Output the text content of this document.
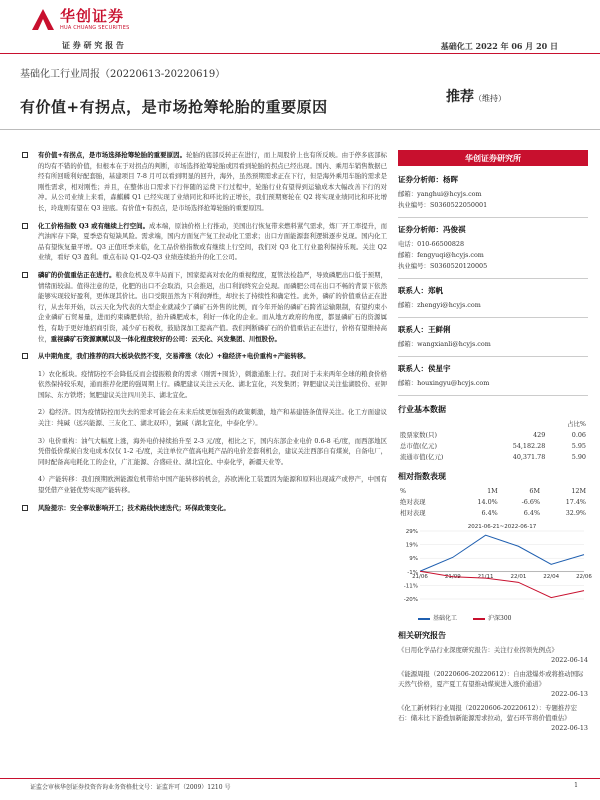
华创证券
HUA CHUANG SECURITIES
证 券 研 究 报 告	基础化工 2022 年 06 月 20 日
基础化工行业周报（20220613-20220619）
有价值+有拐点，是市场抢筹轮胎的重要原因
推荐（维持）
有价值+有拐点，是市场选择抢筹轮胎的重要原因。轮胎的底部反转正在进行，而上周股价上也有所反映。由于停多底部标的均有不错的价值，但根本在于对拐点的判断，市场选择抢筹轮胎或因看到轮胎的拐点已经出现。国内、乘用车销售数据已经有所回暖利好配套胎，基建项目 7-8 月可以看到明显的回升，海外，虽然预期需求正在下行，但是海外乘用车胎的需求是刚性需求，相对刚性；并且，在整体出口需求下行伴随的运费下行过程中，轮胎行业有望得到运输成本大幅改善下行的对冲。从公司业绩上来看，森麒麟 Q1 已经实现了业绩同比和环比的正增长，我们预期赛轮在 Q2 将实现业绩同比和环比增长，玲珑则有望在 Q3 迎底。有价值+有拐点，是市场选择抢筹轮胎的重要原因。
化工价格指数 Q3 或有继续上行空间。成本端，原油价格上行推动，美国出行恢复带来燃料紧气需求，炼厂开工率提升，而汽油库存下降，夏季恐有短缺风险。需求端，国内方面复产复工拉动化工需求；出口方面能源套利逻辑逐步兑现。国内化工品有望恢复量平增。Q3 正值旺季来临，化工品价格指数或有继续上行空间，我们对 Q3 化工行业盈利保持乐观。关注 Q2 业绩，看好 Q3 盈利。重点布局 Q1-Q2-Q3 业绩连续抬升的化工公司。
磷矿的价值重估正在进行。粮食危机及草牛局面下，国家提高对农化的重视程度，夏管法检趋严，导致磷肥出口低于预期，情绪面较弱。值得注意的是，化肥的出口不会取消，只会推迟，出口利润终究会兑现。而磷肥公司在出口不畅的背景下依然能够实现较好盈利，更体现其价比。出口受限虽然为下利润弹性，却拉长了持续性和确定性。此外，磷矿的价值重估正在进行，从去年开始，以云天化为代表的大型企业就减少了磷矿石外售的比例，而今年开始的磷矿石跨省运输限制，有望约束小企业磷矿石贸易量，进而约束磷肥供给，抬升磷肥成本，利好一体化的企业。而从地方政府的角度，都显磷矿石的资源属性，有助于更好地招商引资，减少矿石税收，鼓励深加工提高产值。我们判断磷矿石的价值重估正在进行，价格有望维持高位，重视磷矿石资源禀赋以及一体化程度较好的公司：云天化、兴发集团、川恒股份。
从中期角度，我们推荐的四大板块依然不变，交易滞涨（农化）+稳经济+电价重构+产能转移。
1）农化板块。疫情防控不会降低反而会提振粮食的需求（刚需+囤货），刺激通胀上行。我们对于未来两年全球的粮食价格依然保持较乐观，通而推荐化肥的强周期上行。磷肥建议关注云天化、湖北宜化，兴发集团；钾肥建议关注盐湖股份、亚钾国际、东方铁塔；氮肥建议关注四川美丰、湖北宜化。
2）稳经济。因为疫情防控而失去的需求可能会在未来后续更加强劲的政策刺激，地产和基建链条值得关注。化工方面建议关注：纯碱（远兴能源、三友化工、湖北双环），氯碱（湖北宜化，中泰化学）。
3）电价重构：油气大幅度上涨，海外电价持续抬升至 2-3 元/度，相比之下，国内东部企业电价 0.6-8 毛/度，而西部地区凭借低价煤炭自发电成本仅仅 1-2 毛/度，关注单位产值高电耗产品的电价差套利机会，建议关注西部自有煤炭，自备电厂，同时配备高电耗化工的企业，广汇能源、合盛硅业、湖北宜化、中泰化学，新疆天业等。
4）产能转移：我们预期欧洲能源危机带给中国产能转移的机会，苏欧洲化工装置因为能源和原料出现减产或停产，中国有望凭借产业链优势实现产能转移。
风险提示：安全事故影响开工；技术路线快速迭代；环保政策变化。
华创证券研究所
证券分析师：杨晖
邮箱：yanghui@hcyjs.com
执业编号：S0360522050001
证券分析师：冯俊祺
电话：010-66500828
邮箱：fengyuqi@hcyjs.com
执业编号：S0360520120005
联系人：郑帆
邮箱：zhengyi@hcyjs.com
联系人：王鲜俐
邮箱：wangxianli@hcyjs.com
联系人：侯星宇
邮箱：houxingyu@hcyjs.com
行业基本数据
		占比%
股票家数(只)	429	0.06
总市值(亿元)	54,182.28	5.95
流通市值(亿元)	40,371.78	5.90
相对指数表现
%	1M	6M	12M
绝对表现	14.0%	-6.6%	17.4%
相对表现	6.4%	6.4%	32.9%
2021-06-21~2022-06-17
29%
19%
9%
-1%
-11%
-20%
21/06	21/09	21/11	22/01	22/04	22/06
基础化工	沪深300
相关研究报告
《日用化学品行业深度研究报告：关注行业拐领先例点》
2022-06-14
《能源周报（20220606-20220612）：自由港爆炸或将推动国际天然气价格，夏产夏工有望推动煤炭进入涨价通道》
2022-06-13
《化工新材料行业周报（20220606-20220612）：专题推荐宏石：储未比下游叠加新能源需求拉动，萤石环节将价值重估》
2022-06-13
证监会审核华创证券投资咨询业务资格批文号：证监许可（2009）1210 号	1
